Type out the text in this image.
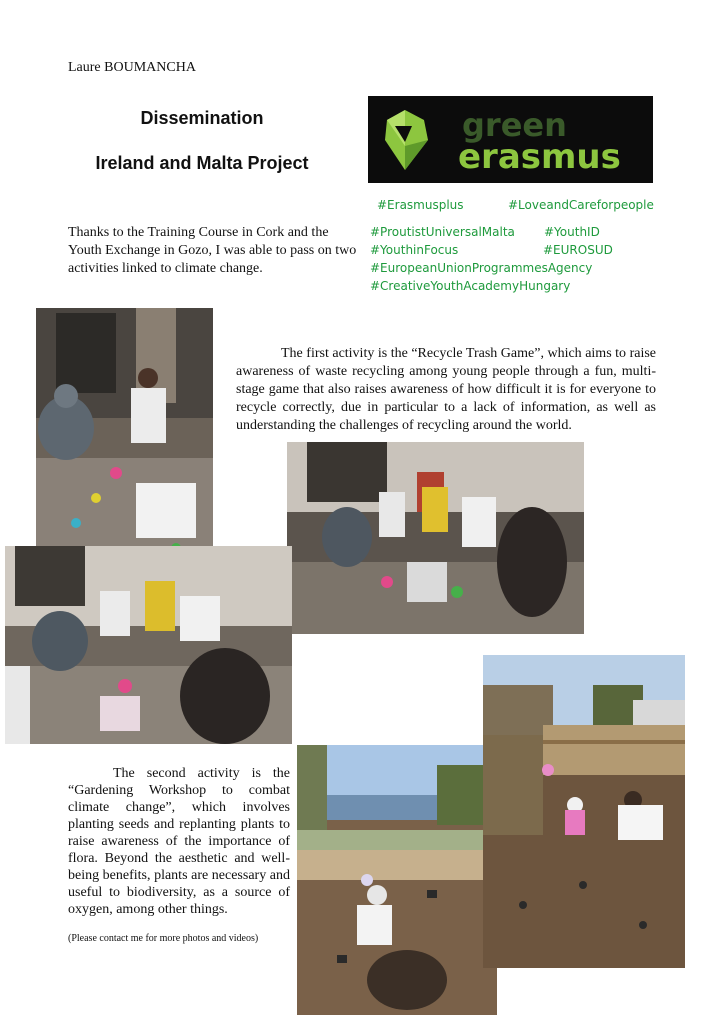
Laure BOUMANCHA
Dissemination
Ireland and Malta Project
Thanks to the Training Course in Cork and the Youth Exchange in Gozo, I was able to pass on two activities linked to climate change.
green
erasmus
#Erasmusplus	#LoveandCareforpeople
#ProutistUniversalMalta #YouthID
#YouthinFocus	#EUROSUD
#EuropeanUnionProgrammesAgency
#CreativeYouthAcademyHungary
The first activity is the “Recycle Trash Game”, which aims to raise awareness of waste recycling among young people through a fun, multi-stage game that also raises awareness of how difficult it is for everyone to recycle correctly, due in particular to a lack of information, as well as understanding the challenges of recycling around the world.
The second activity is the “Gardening Workshop to combat climate change”, which involves planting seeds and replanting plants to raise awareness of the importance of flora. Beyond the aesthetic and well-being benefits, plants are necessary and useful to biodiversity, as a source of oxygen, among other things.
(Please contact me for more photos and videos)
